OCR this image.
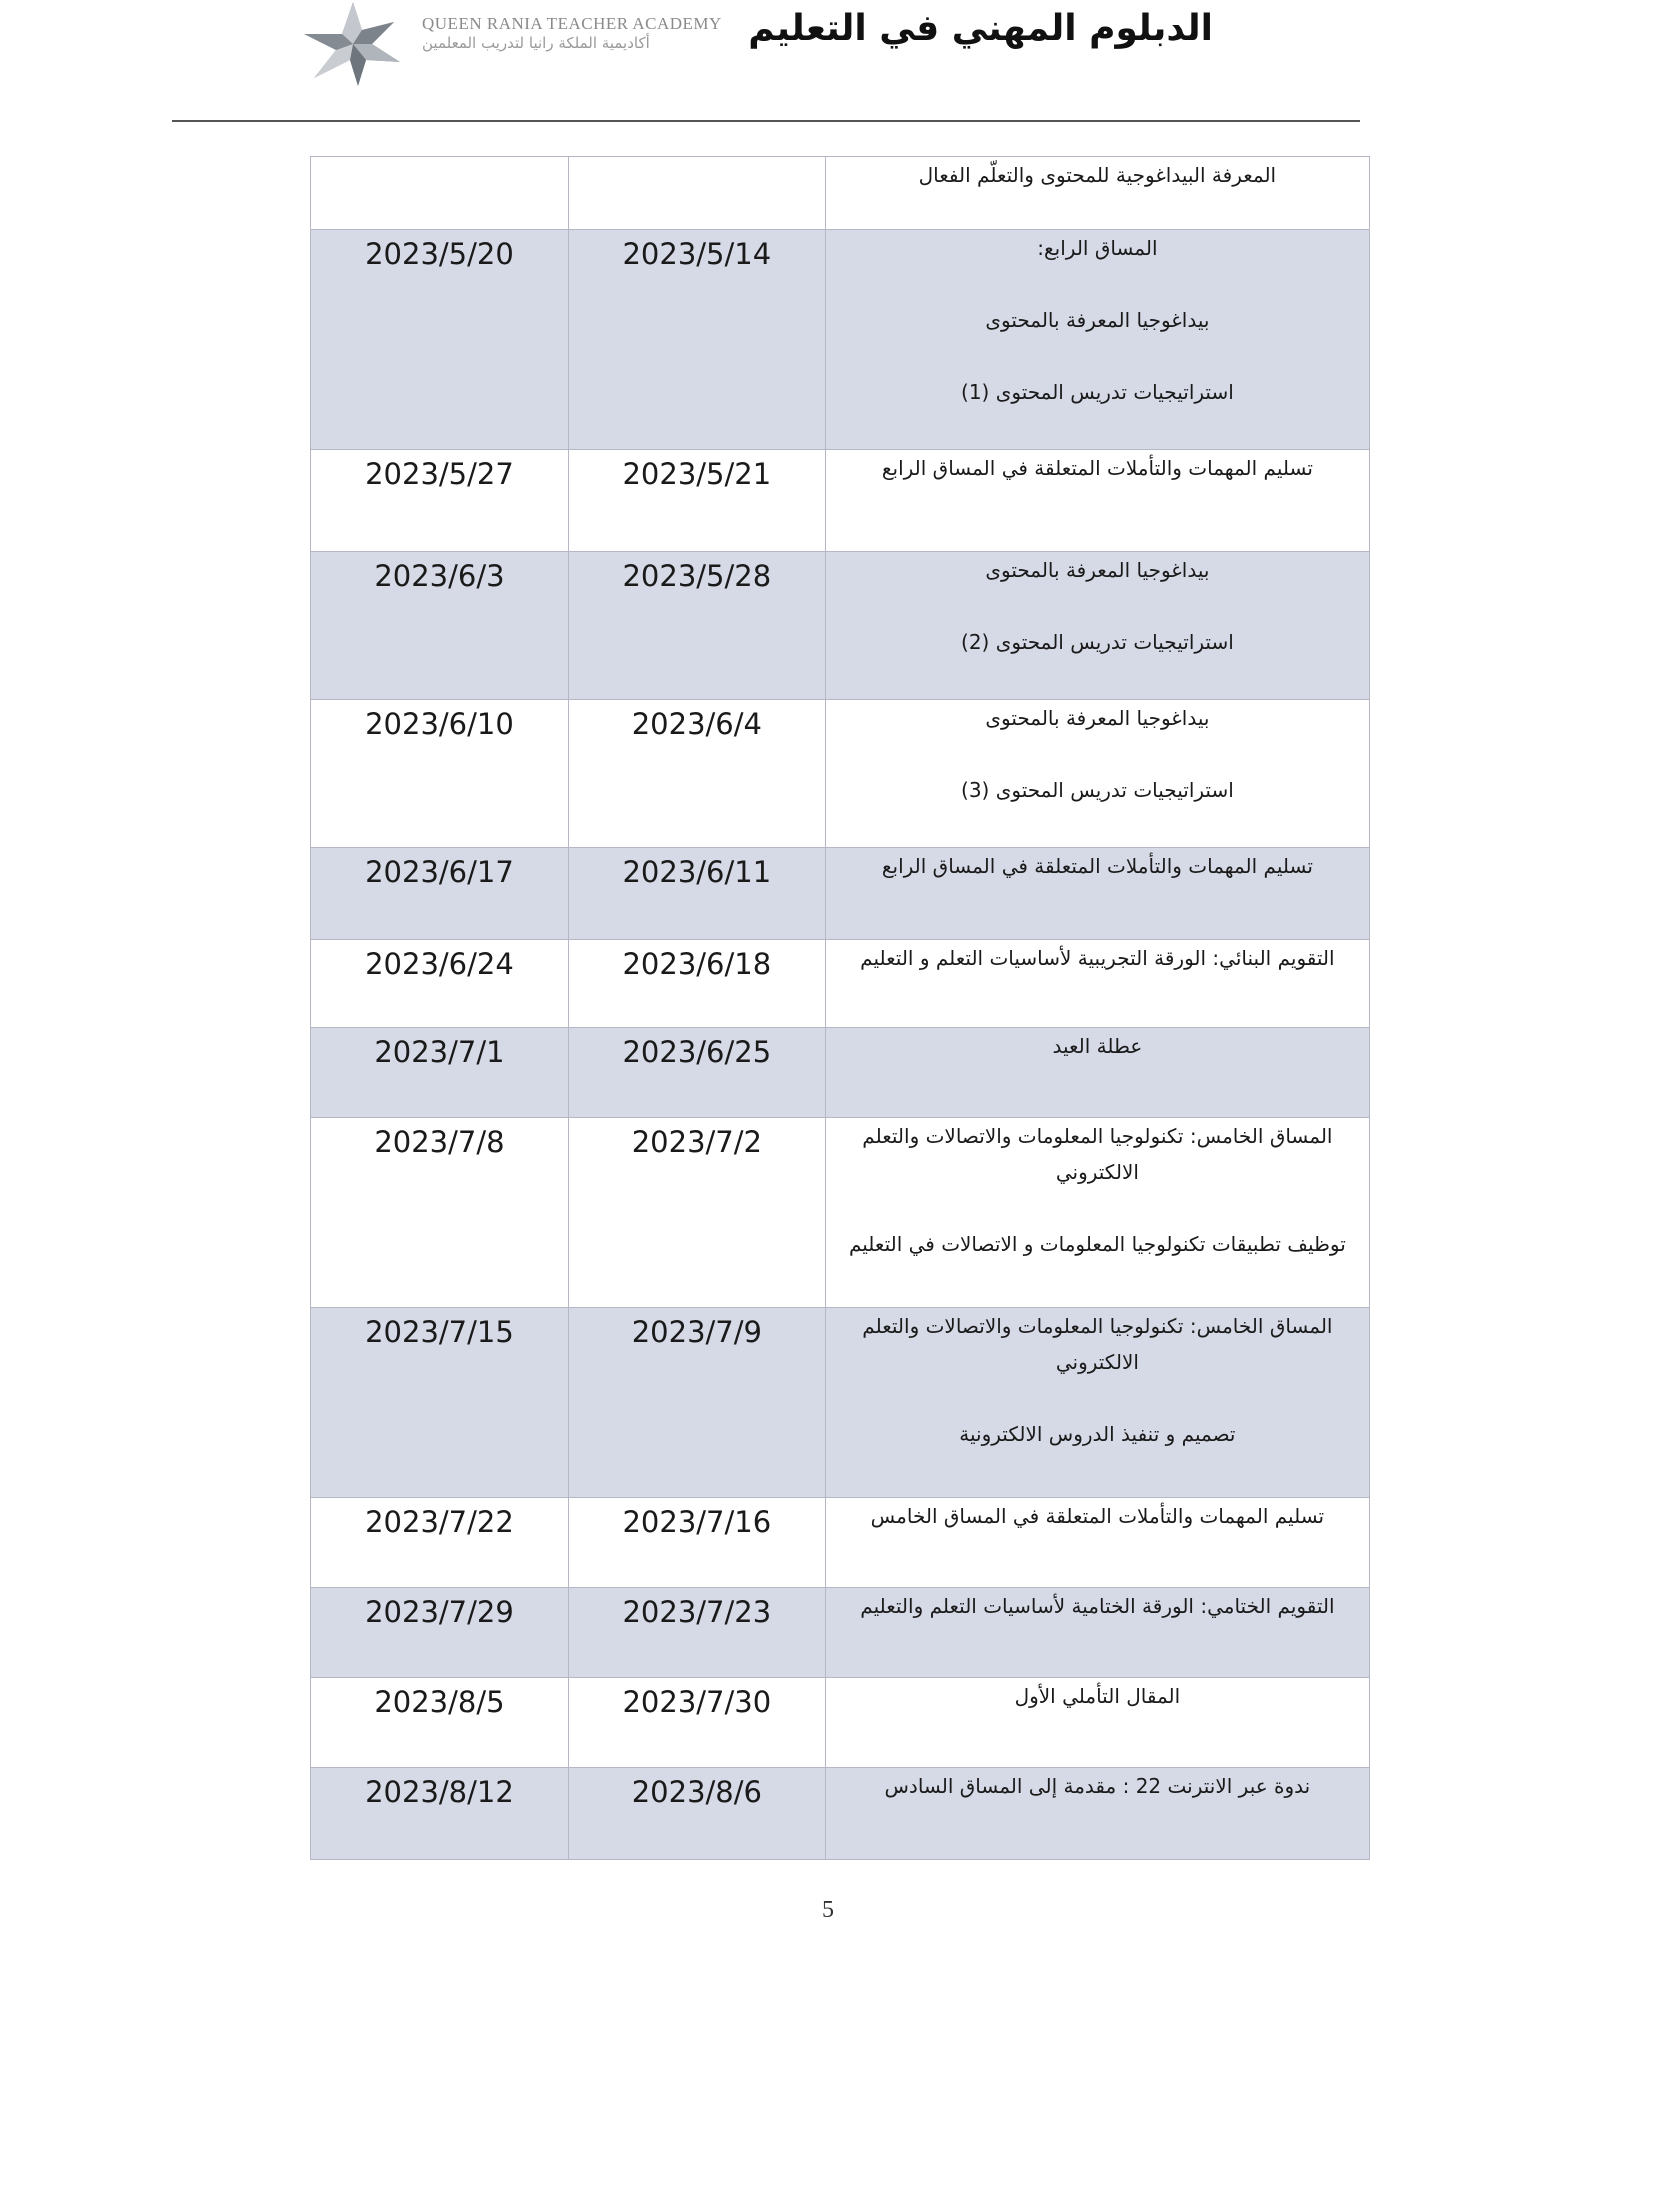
QUEEN RANIA TEACHER ACADEMY
أكاديمية الملكة رانيا لتدريب المعلمين	الدبلوم المهني في التعليم
المعرفة البيداغوجية للمحتوى والتعلّم الفعال		

المساق الرابع:
بيداغوجيا المعرفة بالمحتوى
استراتيجيات تدريس المحتوى (1)	2023/5/14	2023/5/20

تسليم المهمات والتأملات المتعلقة في المساق الرابع	2023/5/21	2023/5/27

بيداغوجيا المعرفة بالمحتوى
استراتيجيات تدريس المحتوى (2)	2023/5/28	2023/6/3

بيداغوجيا المعرفة بالمحتوى
استراتيجيات تدريس المحتوى (3)	2023/6/4	2023/6/10

تسليم المهمات والتأملات المتعلقة في المساق الرابع	2023/6/11	2023/6/17

التقويم البنائي: الورقة التجريبية لأساسيات التعلم و التعليم	2023/6/18	2023/6/24

عطلة العيد	2023/6/25	2023/7/1

المساق الخامس: تكنولوجيا المعلومات والاتصالات والتعلم
الالكتروني
توظيف تطبيقات تكنولوجيا المعلومات و الاتصالات في التعليم	2023/7/2	2023/7/8

المساق الخامس: تكنولوجيا المعلومات والاتصالات والتعلم
الالكتروني
تصميم و تنفيذ الدروس الالكترونية	2023/7/9	2023/7/15

تسليم المهمات والتأملات المتعلقة في المساق الخامس	2023/7/16	2023/7/22

التقويم الختامي: الورقة الختامية لأساسيات التعلم والتعليم	2023/7/23	2023/7/29

المقال التأملي الأول	2023/7/30	2023/8/5

ندوة عبر الانترنت 22 : مقدمة إلى المساق السادس	2023/8/6	2023/8/12
5
